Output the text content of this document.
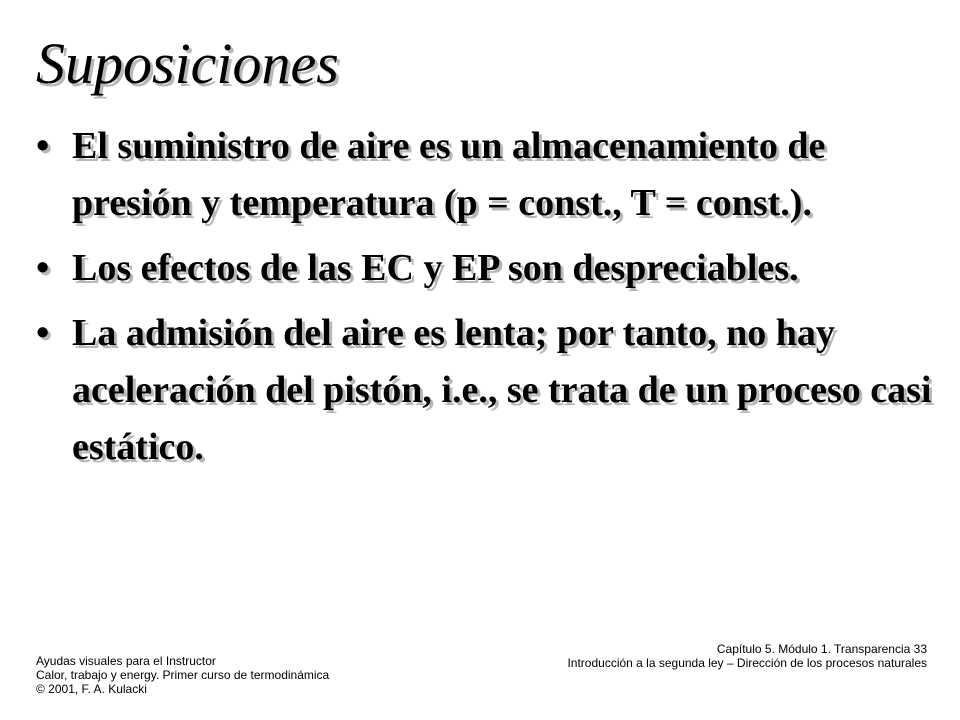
Suposiciones
• El suministro de aire es un almacenamiento de presión y temperatura (p = const., T = const.).
• Los efectos de las EC y EP son despreciables.
• La admisión del aire es lenta; por tanto, no hay aceleración del pistón, i.e., se trata de un proceso casi estático.
Ayudas visuales para el Instructor
Calor, trabajo y energy. Primer curso de termodinámica
© 2001, F. A. Kulacki
Capítulo 5. Módulo 1. Transparencia 33
Introducción a la segunda ley – Dirección de los procesos naturales
